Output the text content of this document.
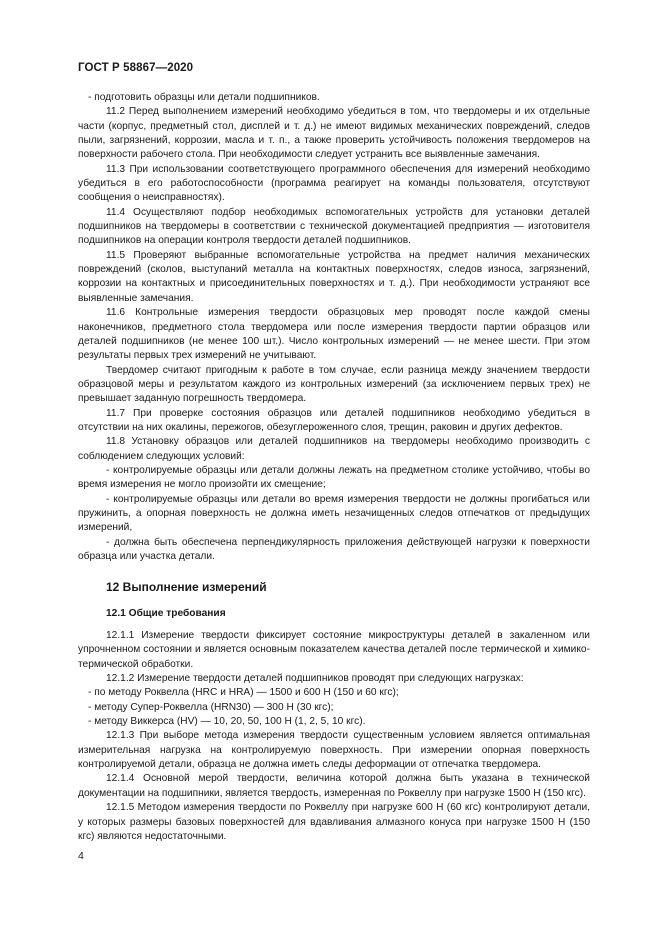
ГОСТ Р 58867—2020

- подготовить образцы или детали подшипников.

11.2 Перед выполнением измерений необходимо убедиться в том, что твердомеры и их отдельные части (корпус, предметный стол, дисплей и т. д.) не имеют видимых механических повреждений, следов пыли, загрязнений, коррозии, масла и т. п., а также проверить устойчивость положения твердомеров на поверхности рабочего стола. При необходимости следует устранить все выявленные замечания.

11.3 При использовании соответствующего программного обеспечения для измерений необходимо убедиться в его работоспособности (программа реагирует на команды пользователя, отсутствуют сообщения о неисправностях).

11.4 Осуществляют подбор необходимых вспомогательных устройств для установки деталей подшипников на твердомеры в соответствии с технической документацией предприятия — изготовителя подшипников на операции контроля твердости деталей подшипников.

11.5 Проверяют выбранные вспомогательные устройства на предмет наличия механических повреждений (сколов, выступаний металла на контактных поверхностях, следов износа, загрязнений, коррозии на контактных и присоединительных поверхностях и т. д.). При необходимости устраняют все выявленные замечания.

11.6 Контрольные измерения твердости образцовых мер проводят после каждой смены наконечников, предметного стола твердомера или после измерения твердости партии образцов или деталей подшипников (не менее 100 шт.). Число контрольных измерений — не менее шести. При этом результаты первых трех измерений не учитывают.

Твердомер считают пригодным к работе в том случае, если разница между значением твердости образцовой меры и результатом каждого из контрольных измерений (за исключением первых трех) не превышает заданную погрешность твердомера.

11.7 При проверке состояния образцов или деталей подшипников необходимо убедиться в отсутствии на них окалины, пережогов, обезуглероженного слоя, трещин, раковин и других дефектов.

11.8 Установку образцов или деталей подшипников на твердомеры необходимо производить с соблюдением следующих условий:

- контролируемые образцы или детали должны лежать на предметном столике устойчиво, чтобы во время измерения не могло произойти их смещение;

- контролируемые образцы или детали во время измерения твердости не должны прогибаться или пружинить, а опорная поверхность не должна иметь незачищенных следов отпечатков от предыдущих измерений,

- должна быть обеспечена перпендикулярность приложения действующей нагрузки к поверхности образца или участка детали.

12 Выполнение измерений
12.1 Общие требования

12.1.1 Измерение твердости фиксирует состояние микроструктуры деталей в закаленном или упрочненном состоянии и является основным показателем качества деталей после термической и химико-термической обработки.

12.1.2 Измерение твердости деталей подшипников проводят при следующих нагрузках:

- по методу Роквелла (HRC и HRA) — 1500 и 600 Н (150 и 60 кгс);

- методу Супер-Роквелла (HRN30) — 300 Н (30 кгс);

- методу Виккерса (HV) — 10, 20, 50, 100 Н (1, 2, 5, 10 кгс).

12.1.3 При выборе метода измерения твердости существенным условием является оптимальная измерительная нагрузка на контролируемую поверхность. При измерении опорная поверхность контролируемой детали, образца не должна иметь следы деформации от отпечатка твердомера.

12.1.4 Основной мерой твердости, величина которой должна быть указана в технической документации на подшипники, является твердость, измеренная по Роквеллу при нагрузке 1500 Н (150 кгс).

12.1.5 Методом измерения твердости по Роквеллу при нагрузке 600 Н (60 кгс) контролируют детали, у которых размеры базовых поверхностей для вдавливания алмазного конуса при нагрузке 1500 Н (150 кгс) являются недостаточными.

4
